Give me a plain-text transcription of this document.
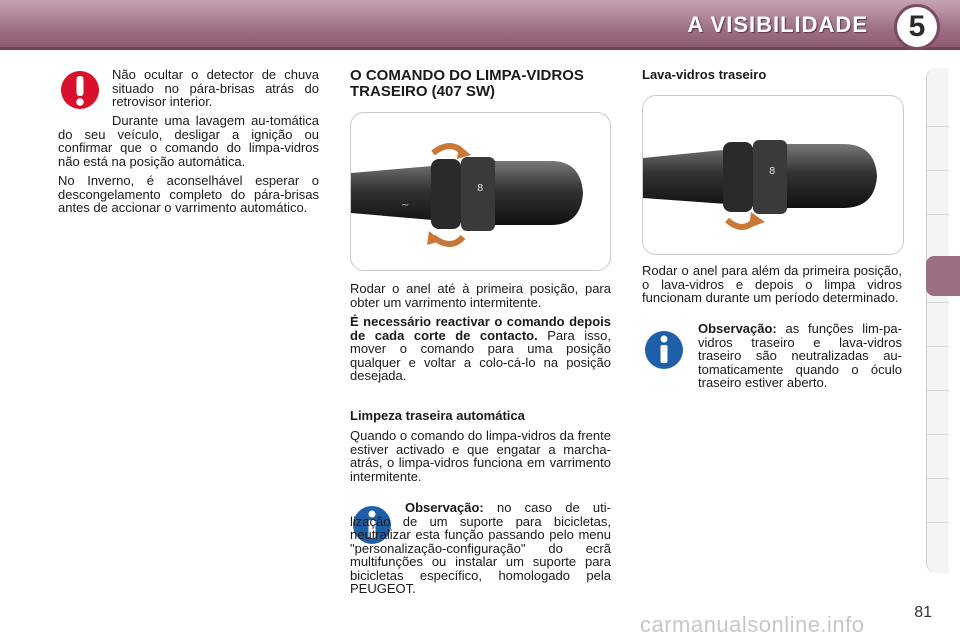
A VISIBILIDADE	5
Não ocultar o detector de chuva situado no pára-brisas atrás do retrovisor interior.

Durante uma lavagem au-tomática do seu veículo, desligar a ignição ou confirmar que o comando do limpa-vidros não está na posição automática.

No Inverno, é aconselhável esperar o descongelamento completo do pára-brisas antes de accionar o varrimento automático.

O COMANDO DO LIMPA-VIDROS TRASEIRO (407 SW)
~
8

Rodar o anel até à primeira posição, para obter um varrimento intermitente.

É necessário reactivar o comando depois de cada corte de contacto. Para isso, mover o comando para uma posição qualquer e voltar a colo-cá-lo na posição desejada.

Limpeza traseira automática
Quando o comando do limpa-vidros da frente estiver activado e que engatar a marcha-atrás, o limpa-vidros funciona em varrimento intermitente.

Observação: no caso de uti-lização de um suporte para bicicletas, neutralizar esta função passando pelo menu "personalização-configuração" do ecrã multifunções ou instalar um suporte para bicicletas específico, homologado pela PEUGEOT.

Lava-vidros traseiro
8
Rodar o anel para além da primeira posição, o lava-vidros e depois o limpa vidros funcionam durante um período determinado.
Observação: as funções lim-pa-vidros traseiro e lava-vidros traseiro são neutralizadas au-tomaticamente quando o óculo traseiro estiver aberto.
81
carmanualsonline.info
